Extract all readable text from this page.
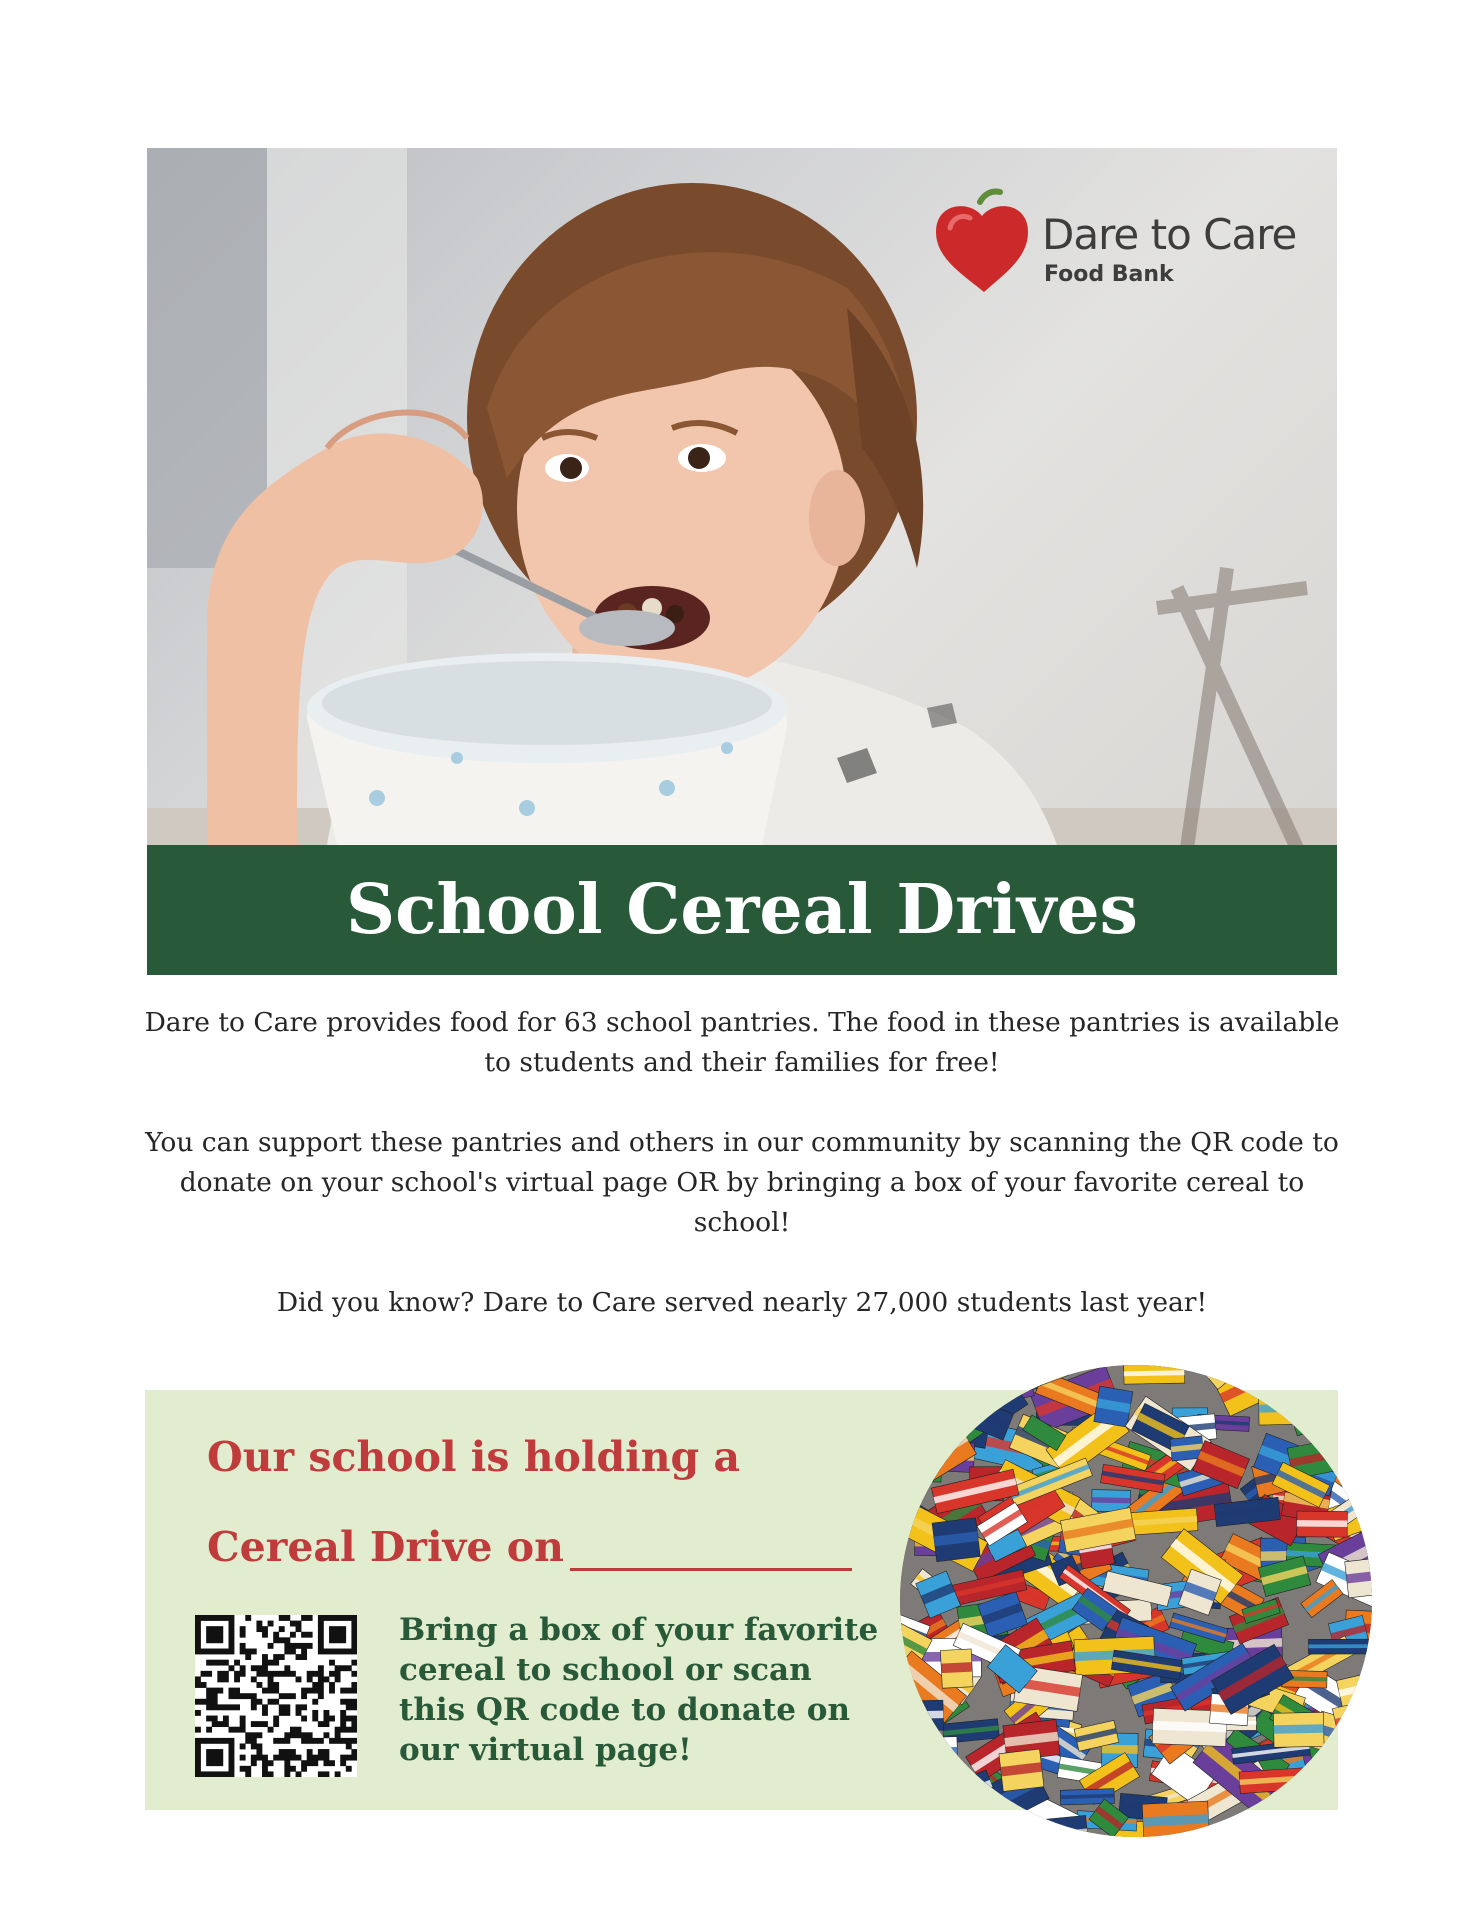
Dare to Care
Food Bank
School Cereal Drives

Dare to Care provides food for 63 school pantries. The food in these pantries is available to students and their families for free!

You can support these pantries and others in our community by scanning the QR code to donate on your school's virtual page OR by bringing a box of your favorite cereal to school!

Did you know? Dare to Care served nearly 27,000 students last year!

Our school is holding a
Cereal Drive on
Bring a box of your favorite cereal to school or scan this QR code to donate on our virtual page!
